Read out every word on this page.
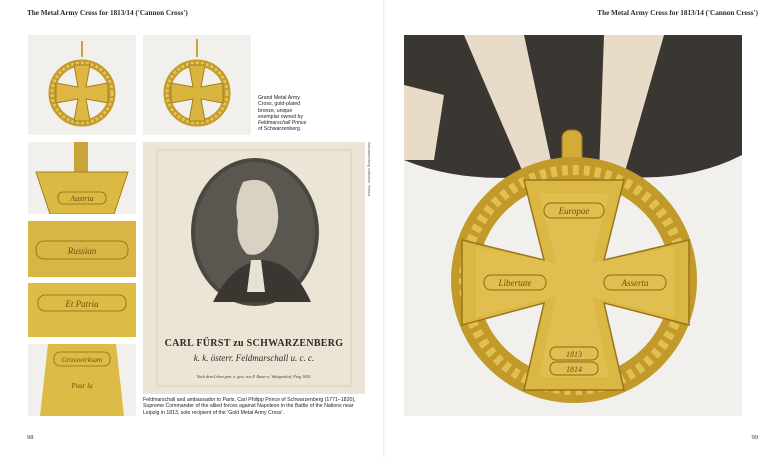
The Metal Army Cross for 1813/14 ('Cannon Cross')
Grand Metal Army
Cross, gold-plated
bronze, unique
exemplar owned by
Feldmarschall Prince
of Schwarzenberg.
Austria
Russian
Et Patria
Grosswirksam
Pour la
CARL FÜRST zu SCHWARZENBERG
k. k. österr. Feldmarschall u. c. c.
Nach dem Leben gem. u. gest. von F. Bauer u. Walzgendorf. Prag 1820.
Schwarzenberg collection, Vienna
Feldmarschall and ambassador to Paris, Carl Philipp Prince of Schwarzenberg (1771–1820),
Supreme Commander of the allied forces against Napoleon in the Battle of the Nations near
Leipzig in 1813, sole recipient of the 'Gold Metal Army Cross'.
98
The Metal Army Cross for 1813/14 ('Cannon Cross')
Europae
Libertate	Asserta
1813
1814
99
